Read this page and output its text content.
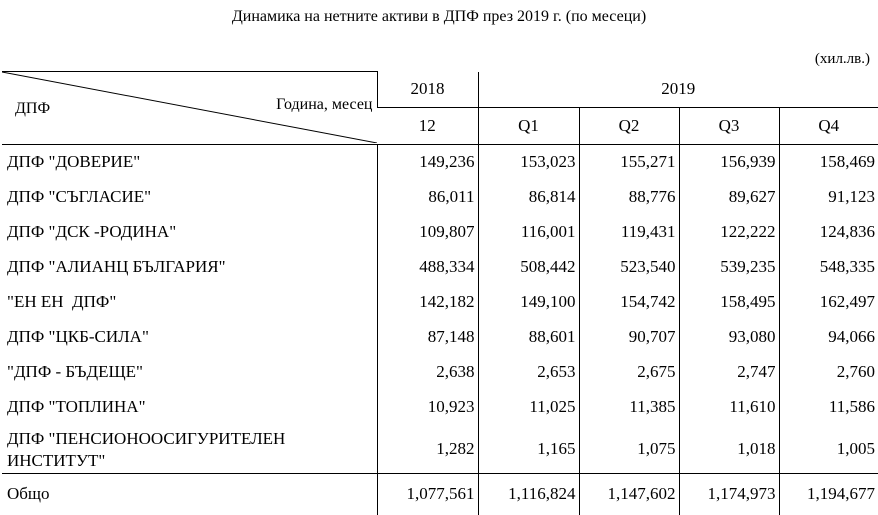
Динамика на нетните активи в ДПФ през 2019 г. (по месеци)
(хил.лв.)
Година, месец
ДПФ	2018	2019			
	12	Q1	Q2	Q3	Q4
ДПФ "ДОВЕРИЕ"	149,236	153,023	155,271	156,939	158,469
ДПФ "СЪГЛАСИЕ"	86,011	86,814	88,776	89,627	91,123
ДПФ "ДСК -РОДИНА"	109,807	116,001	119,431	122,222	124,836
ДПФ "АЛИАНЦ БЪЛГАРИЯ"	488,334	508,442	523,540	539,235	548,335
"ЕН ЕН  ДПФ"	142,182	149,100	154,742	158,495	162,497
ДПФ "ЦКБ-СИЛА"	87,148	88,601	90,707	93,080	94,066
"ДПФ - БЪДЕЩЕ"	2,638	2,653	2,675	2,747	2,760
ДПФ "ТОПЛИНА"	10,923	11,025	11,385	11,610	11,586
ДПФ "ПЕНСИОНООСИГУРИТЕЛЕН ИНСТИТУТ"	1,282	1,165	1,075	1,018	1,005
Общо	1,077,561	1,116,824	1,147,602	1,174,973	1,194,677
